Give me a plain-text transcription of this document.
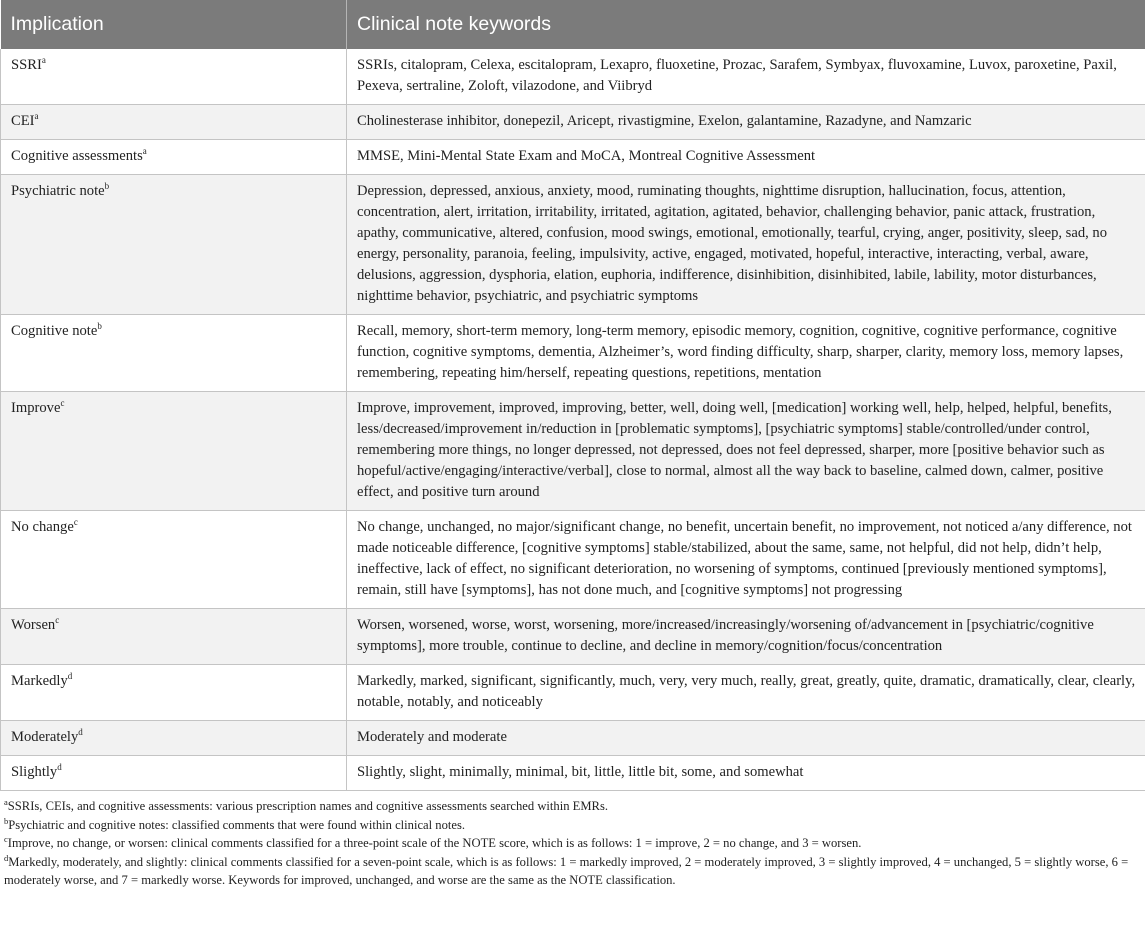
Implication	Clinical note keywords
SSRI$^a$	SSRIs, citalopram, Celexa, escitalopram, Lexapro, fluoxetine, Prozac, Sarafem, Symbyax, fluvoxamine, Luvox, paroxetine, Paxil, Pexeva, sertraline, Zoloft, vilazodone, and Viibryd
CEI$^a$	Cholinesterase inhibitor, donepezil, Aricept, rivastigmine, Exelon, galantamine, Razadyne, and Namzaric
Cognitive assessments$^a$	MMSE, Mini-Mental State Exam and MoCA, Montreal Cognitive Assessment
Psychiatric note$^b$	Depression, depressed, anxious, anxiety, mood, ruminating thoughts, nighttime disruption, hallucination, focus, attention, concentration, alert, irritation, irritability, irritated, agitation, agitated, behavior, challenging behavior, panic attack, frustration, apathy, communicative, altered, confusion, mood swings, emotional, emotionally, tearful, crying, anger, positivity, sleep, sad, no energy, personality, paranoia, feeling, impulsivity, active, engaged, motivated, hopeful, interactive, interacting, verbal, aware, delusions, aggression, dysphoria, elation, euphoria, indifference, disinhibition, disinhibited, labile, lability, motor disturbances, nighttime behavior, psychiatric, and psychiatric symptoms
Cognitive note$^b$	Recall, memory, short-term memory, long-term memory, episodic memory, cognition, cognitive, cognitive performance, cognitive function, cognitive symptoms, dementia, Alzheimer’s, word finding difficulty, sharp, sharper, clarity, memory loss, memory lapses, remembering, repeating him/herself, repeating questions, repetitions, mentation
Improve$^c$	Improve, improvement, improved, improving, better, well, doing well, [medication] working well, help, helped, helpful, benefits, less/decreased/improvement in/reduction in [problematic symptoms], [psychiatric symptoms] stable/controlled/under control, remembering more things, no longer depressed, not depressed, does not feel depressed, sharper, more [positive behavior such as hopeful/active/engaging/interactive/verbal], close to normal, almost all the way back to baseline, calmed down, calmer, positive effect, and positive turn around
No change$^c$	No change, unchanged, no major/significant change, no benefit, uncertain benefit, no improvement, not noticed a/any difference, not made noticeable difference, [cognitive symptoms] stable/stabilized, about the same, same, not helpful, did not help, didn’t help, ineffective, lack of effect, no significant deterioration, no worsening of symptoms, continued [previously mentioned symptoms], remain, still have [symptoms], has not done much, and [cognitive symptoms] not progressing
Worsen$^c$	Worsen, worsened, worse, worst, worsening, more/increased/increasingly/worsening of/advancement in [psychiatric/cognitive symptoms], more trouble, continue to decline, and decline in memory/cognition/focus/concentration
Markedly$^d$	Markedly, marked, significant, significantly, much, very, very much, really, great, greatly, quite, dramatic, dramatically, clear, clearly, notable, notably, and noticeably
Moderately$^d$	Moderately and moderate
Slightly$^d$	Slightly, slight, minimally, minimal, bit, little, little bit, some, and somewhat
$^a$SSRIs, CEIs, and cognitive assessments: various prescription names and cognitive assessments searched within EMRs.
$^b$Psychiatric and cognitive notes: classified comments that were found within clinical notes.
$^c$Improve, no change, or worsen: clinical comments classified for a three-point scale of the NOTE score, which is as follows: 1 = improve, 2 = no change, and 3 = worsen.
$^d$Markedly, moderately, and slightly: clinical comments classified for a seven-point scale, which is as follows: 1 = markedly improved, 2 = moderately improved, 3 = slightly improved, 4 = unchanged, 5 = slightly worse, 6 = moderately worse, and 7 = markedly worse. Keywords for improved, unchanged, and worse are the same as the NOTE classification.
